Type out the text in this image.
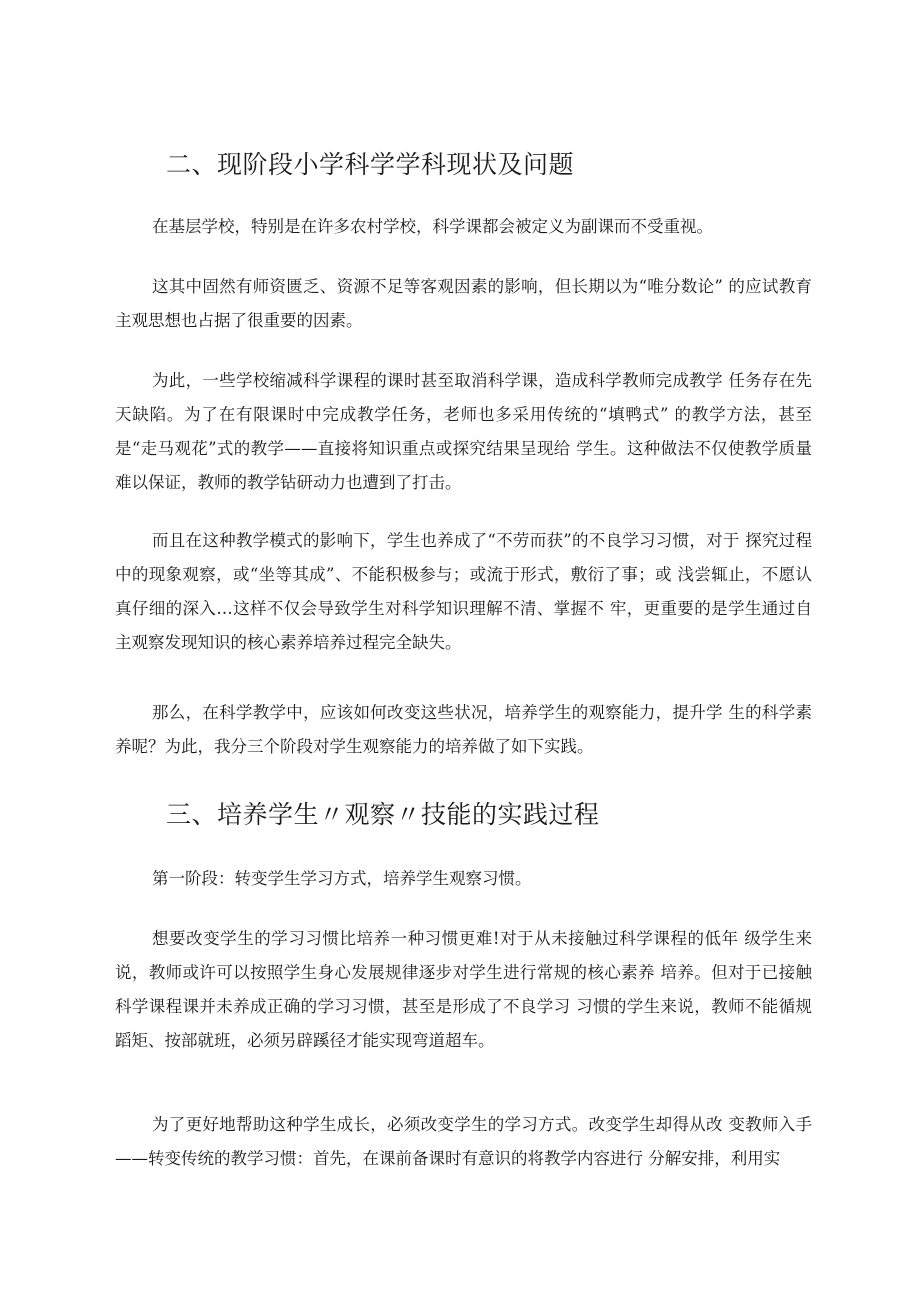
二、现阶段小学科学学科现状及问题

在基层学校，特别是在许多农村学校，科学课都会被定义为副课而不受重视。

这其中固然有师资匮乏、资源不足等客观因素的影响，但长期以为“唯分数论” 的应试教育主观思想也占据了很重要的因素。

为此，一些学校缩减科学课程的课时甚至取消科学课，造成科学教师完成教学 任务存在先天缺陷。为了在有限课时中完成教学任务，老师也多采用传统的“填鸭式” 的教学方法，甚至是“走马观花”式的教学——直接将知识重点或探究结果呈现给 学生。这种做法不仅使教学质量难以保证，教师的教学钻研动力也遭到了打击。

而且在这种教学模式的影响下，学生也养成了“不劳而获”的不良学习习惯，对于 探究过程中的现象观察，或“坐等其成”、不能积极参与；或流于形式，敷衍了事；或 浅尝辄止，不愿认真仔细的深入…这样不仅会导致学生对科学知识理解不清、掌握不 牢，更重要的是学生通过自主观察发现知识的核心素养培养过程完全缺失。

那么，在科学教学中，应该如何改变这些状况，培养学生的观察能力，提升学 生的科学素养呢？为此，我分三个阶段对学生观察能力的培养做了如下实践。

三、培养学生〃观察〃技能的实践过程

第一阶段：转变学生学习方式，培养学生观察习惯。

想要改变学生的学习习惯比培养一种习惯更难!对于从未接触过科学课程的低年 级学生来说，教师或许可以按照学生身心发展规律逐步对学生进行常规的核心素养 培养。但对于已接触科学课程课并未养成正确的学习习惯，甚至是形成了不良学习 习惯的学生来说，教师不能循规蹈矩、按部就班，必须另辟蹊径才能实现弯道超车。

为了更好地帮助这种学生成长，必须改变学生的学习方式。改变学生却得从改 变教师入手——转变传统的教学习惯：首先，在课前备课时有意识的将教学内容进行 分解安排，利用实
